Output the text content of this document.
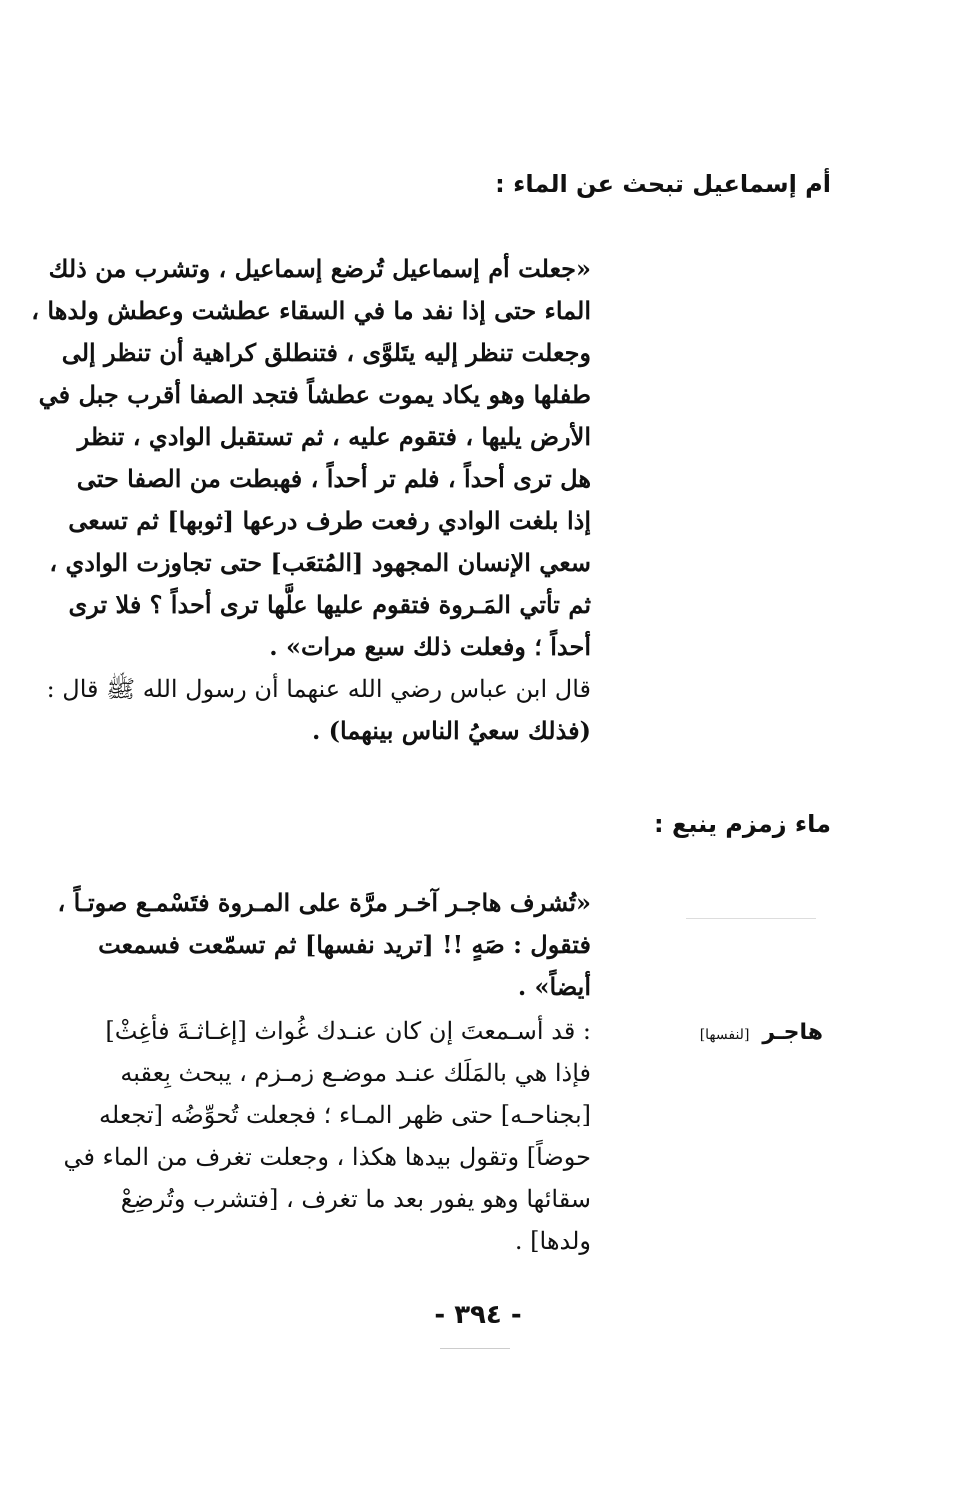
أم إسماعيل تبحث عن الماء :
«جعلت أم إسماعيل تُرضع إسماعيل ، وتشرب من ذلك
الماء حتى إذا نفد ما في السقاء عطشت وعطش ولدها ،
وجعلت تنظر إليه يتَلوَّى ، فتنطلق كراهية أن تنظر إلى
طفلها وهو يكاد يموت عطشاً فتجد الصفا أقرب جبل في
الأرض يليها ، فتقوم عليه ، ثم تستقبل الوادي ، تنظر
هل ترى أحداً ، فلم تر أحداً ، فهبطت من الصفا حتى
إذا بلغت الوادي رفعت طرف درعها [ثوبها] ثم تسعى
سعي الإنسان المجهود [المُتعَب] حتى تجاوزت الوادي ،
ثم تأتي المَـروة فتقوم عليها علَّها ترى أحداً ؟ فلا ترى
أحداً ؛ وفعلت ذلك سبع مرات» .
قال ابن عباس رضي الله عنهما أن رسول الله ﷺ قال :
(فذلك سعيُ الناس بينهما) .
ماء زمزم ينبع :
«تُشرف هاجـر آخـر مرَّة على المـروة فتَسْمـع صوتـاً ،
فتقول : صَهٍ !! [تريد نفسها] ثم تسمّعت فسمعت
أيضاً» .
هاجـر [لنفسها]
: قد أسـمعتَ إن كان عنـدك غُواث [إغـاثـةَ فأغِثْ]
فإذا هي بالمَلَك عنـد موضـع زمـزم ، يبحث بِعقبه
[بجناحـه] حتى ظهر المـاء ؛ فجعلت تُحوِّضُه [تجعله
حوضاً] وتقول بيدها هكذا ، وجعلت تغرف من الماء في
سقائها وهو يفور بعد ما تغرف ، [فتشرب وتُرضِعْ
ولدها] .
- ٣٩٤ -
